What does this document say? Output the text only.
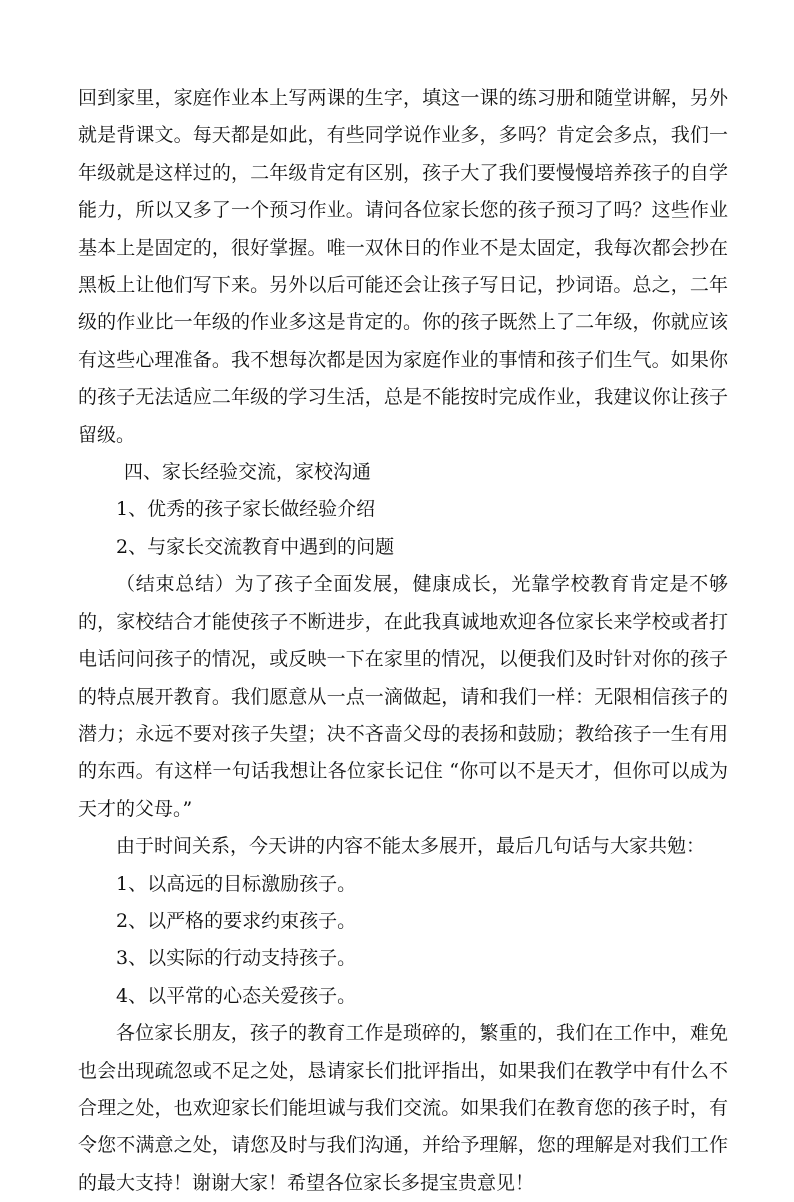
回到家里，家庭作业本上写两课的生字，填这一课的练习册和随堂讲解，另外就是背课文。每天都是如此，有些同学说作业多，多吗？肯定会多点，我们一年级就是这样过的，二年级肯定有区别，孩子大了我们要慢慢培养孩子的自学能力，所以又多了一个预习作业。请问各位家长您的孩子预习了吗？这些作业基本上是固定的，很好掌握。唯一双休日的作业不是太固定，我每次都会抄在黑板上让他们写下来。另外以后可能还会让孩子写日记，抄词语。总之，二年级的作业比一年级的作业多这是肯定的。你的孩子既然上了二年级，你就应该有这些心理准备。我不想每次都是因为家庭作业的事情和孩子们生气。如果你的孩子无法适应二年级的学习生活，总是不能按时完成作业，我建议你让孩子留级。

四、家长经验交流，家校沟通

1、优秀的孩子家长做经验介绍

2、与家长交流教育中遇到的问题

（结束总结）为了孩子全面发展，健康成长，光靠学校教育肯定是不够的，家校结合才能使孩子不断进步，在此我真诚地欢迎各位家长来学校或者打电话问问孩子的情况，或反映一下在家里的情况，以便我们及时针对你的孩子的特点展开教育。我们愿意从一点一滴做起，请和我们一样：无限相信孩子的潜力；永远不要对孩子失望；决不吝啬父母的表扬和鼓励；教给孩子一生有用的东西。有这样一句话我想让各位家长记住 “你可以不是天才，但你可以成为天才的父母。”

由于时间关系，今天讲的内容不能太多展开，最后几句话与大家共勉：

1、以高远的目标激励孩子。

2、以严格的要求约束孩子。

3、以实际的行动支持孩子。

4、以平常的心态关爱孩子。

各位家长朋友，孩子的教育工作是琐碎的，繁重的，我们在工作中，难免也会出现疏忽或不足之处，恳请家长们批评指出，如果我们在教学中有什么不合理之处，也欢迎家长们能坦诚与我们交流。如果我们在教育您的孩子时，有令您不满意之处，请您及时与我们沟通，并给予理解，您的理解是对我们工作的最大支持！谢谢大家！希望各位家长多提宝贵意见！
